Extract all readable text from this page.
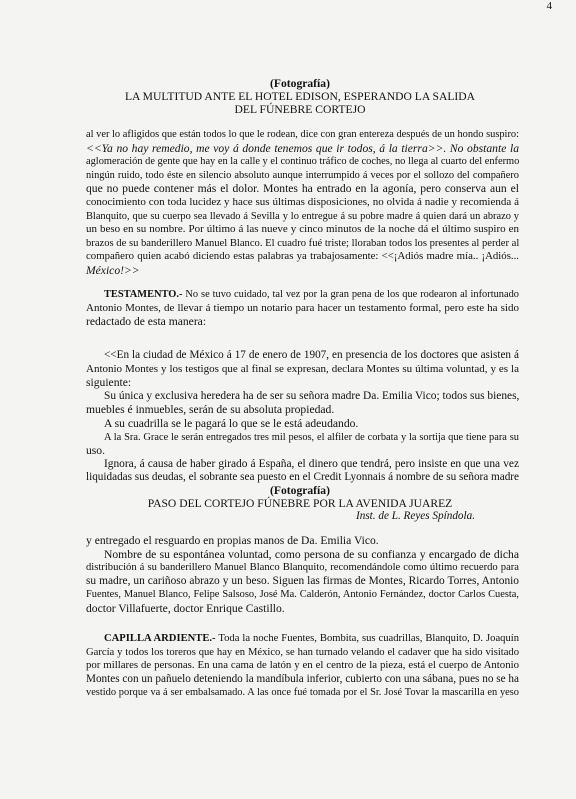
4
(Fotografía)
LA MULTITUD ANTE EL HOTEL EDISON, ESPERANDO LA SALIDA
DEL FÚNEBRE CORTEJO
al ver lo afligidos que están todos lo que le rodean, dice con gran entereza después de un hondo suspiro:
<<Ya no hay remedio, me voy á donde tenemos que ir todos, á la tierra>>. No obstante la
aglomeración de gente que hay en la calle y el continuo tráfico de coches, no llega al cuarto del enfermo
ningún ruido, todo éste en silencio absoluto aunque interrumpido á veces por el sollozo del compañero
que no puede contener más el dolor. Montes ha entrado en la agonía, pero conserva aun el
conocimiento con toda lucidez y hace sus últimas disposiciones, no olvida á nadie y recomienda á
Blanquito, que su cuerpo sea llevado á Sevilla y lo entregue á su pobre madre á quien dará un abrazo y
un beso en su nombre. Por último á las nueve y cinco minutos de la noche dá el último suspiro en
brazos de su banderillero Manuel Blanco. El cuadro fué triste; lloraban todos los presentes al perder al
compañero quien acabó diciendo estas palabras ya trabajosamente: <<¡Adiós madre mía.. ¡Adiós...
México!>>
TESTAMENTO.- No se tuvo cuidado, tal vez por la gran pena de los que rodearon al infortunado
Antonio Montes, de llevar á tiempo un notario para hacer un testamento formal, pero este ha sido
redactado de esta manera:
<<En la ciudad de México á 17 de enero de 1907, en presencia de los doctores que asisten á
Antonio Montes y los testigos que al final se expresan, declara Montes su última voluntad, y es la
siguiente:
Su única y exclusiva heredera ha de ser su señora madre Da. Emilia Vico; todos sus bienes,
muebles é inmuebles, serán de su absoluta propiedad.
A su cuadrilla se le pagará lo que se le está adeudando.
A la Sra. Grace le serán entregados tres mil pesos, el alfiler de corbata y la sortija que tiene para su
uso.
Ignora, á causa de haber girado á España, el dinero que tendrá, pero insiste en que una vez
liquidadas sus deudas, el sobrante sea puesto en el Credit Lyonnais á nombre de su señora madre
(Fotografía)
PASO DEL CORTEJO FÚNEBRE POR LA AVENIDA JUAREZ
Inst. de L. Reyes Spíndola.
y entregado el resguardo en propias manos de Da. Emilia Vico.
Nombre de su espontánea voluntad, como persona de su confianza y encargado de dicha
distribución á su banderillero Manuel Blanco Blanquito, recomendándole como último recuerdo para
su madre, un cariñoso abrazo y un beso. Siguen las firmas de Montes, Ricardo Torres, Antonio
Fuentes, Manuel Blanco, Felipe Salsoso, José Ma. Calderón, Antonio Fernández, doctor Carlos Cuesta,
doctor Villafuerte, doctor Enrique Castillo.
CAPILLA ARDIENTE.- Toda la noche Fuentes, Bombita, sus cuadrillas, Blanquito, D. Joaquín
García y todos los toreros que hay en México, se han turnado velando el cadaver que ha sido visitado
por millares de personas. En una cama de latón y en el centro de la pieza, está el cuerpo de Antonio
Montes con un pañuelo deteniendo la mandíbula inferior, cubierto con una sábana, pues no se ha
vestido porque va á ser embalsamado. A las once fué tomada por el Sr. José Tovar la mascarilla en yeso
